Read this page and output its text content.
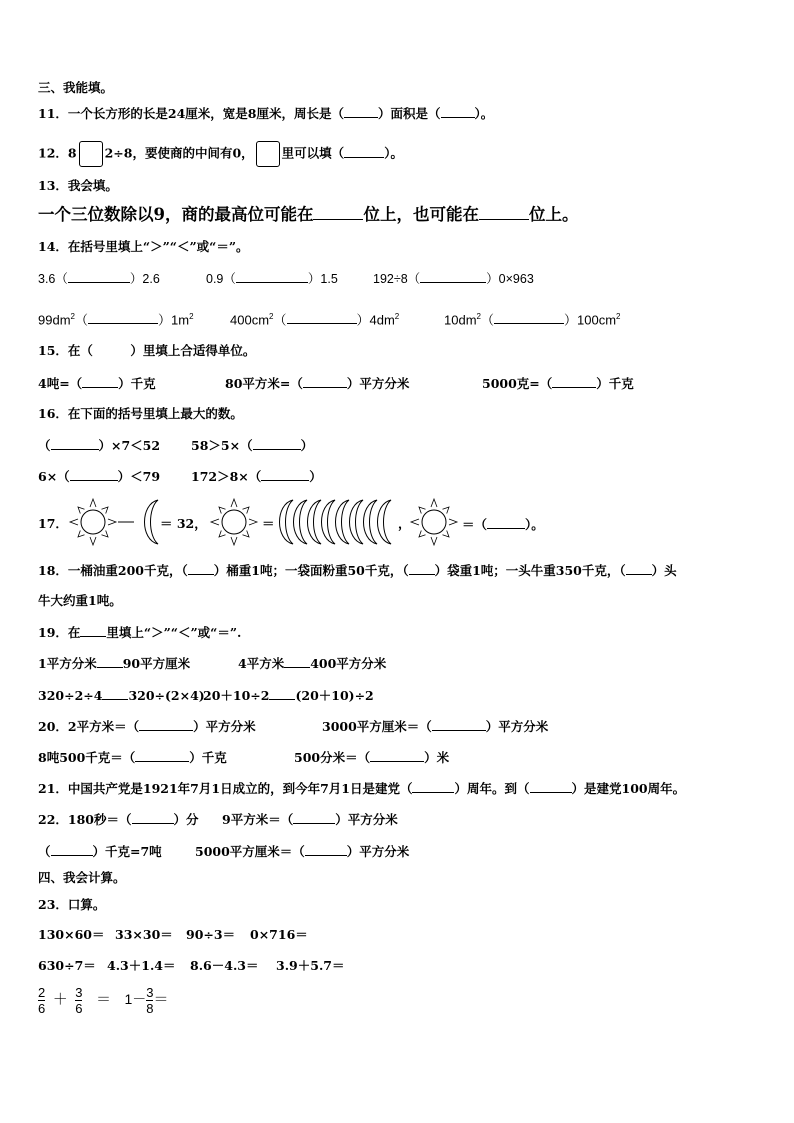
三、我能填。
11．一个长方形的长是24厘米，宽是8厘米，周长是（	）面积是（	）。
12．8 2÷8，要使商的中间有0， 里可以填（	）。
13．我会填。
一个三位数除以9，商的最高位可能在	位上，也可能在	位上。
14．在括号里填上“＞”“＜”或“＝”。
3.6（	）2.6	0.9（	）1.5	192÷8（	）0×963
$99dm^2$（	）$1m^2$	$400cm^2$（	）$4dm^2$	$10dm^2$（	）$100cm^2$
15．在（　　　）里填上合适得单位。
4吨=（	）千克	80平方米=（	）平方分米	5000克=（	）千克
16．在下面的括号里填上最大的数。
（	）×7＜52 58＞5×（	）
6×（	）＜79 172＞8×（	）
17．	＝ 32，	＝	，	＝（	）。
18．一桶油重200千克，（ ）桶重1吨；一袋面粉重50千克，（ ）袋重1吨；一头牛重350千克，（ ）头
牛大约重1吨。
19．在 里填上“＞”“＜”或“＝”.
1平方分米 90平方厘米	4平方米 400平方分米
320÷2÷4 320÷(2×4)
20＋10÷2 (20＋10)÷2
20．2平方米＝（	）平方分米	3000平方厘米＝（	）平方分米
8吨500千克＝（	）千克	500分米＝（	）米
21．中国共产党是1921年7月1日成立的，到今年7月1日是建党（	）周年。到（	）是建党100周年。
22．180秒＝（	）分 9平方米＝（	）平方分米
（	）千克=7吨	5000平方厘米＝（	）平方分米
四、我会计算。
23．口算。
130×60＝ 33×30＝ 90÷3＝ 0×716＝
630÷7＝ 4.3＋1.4＝ 8.6－4.3＝ 3.9＋5.7＝
$\frac{2}{6} + \frac{3}{6} = 1- \frac{3}{8}$ ＝
